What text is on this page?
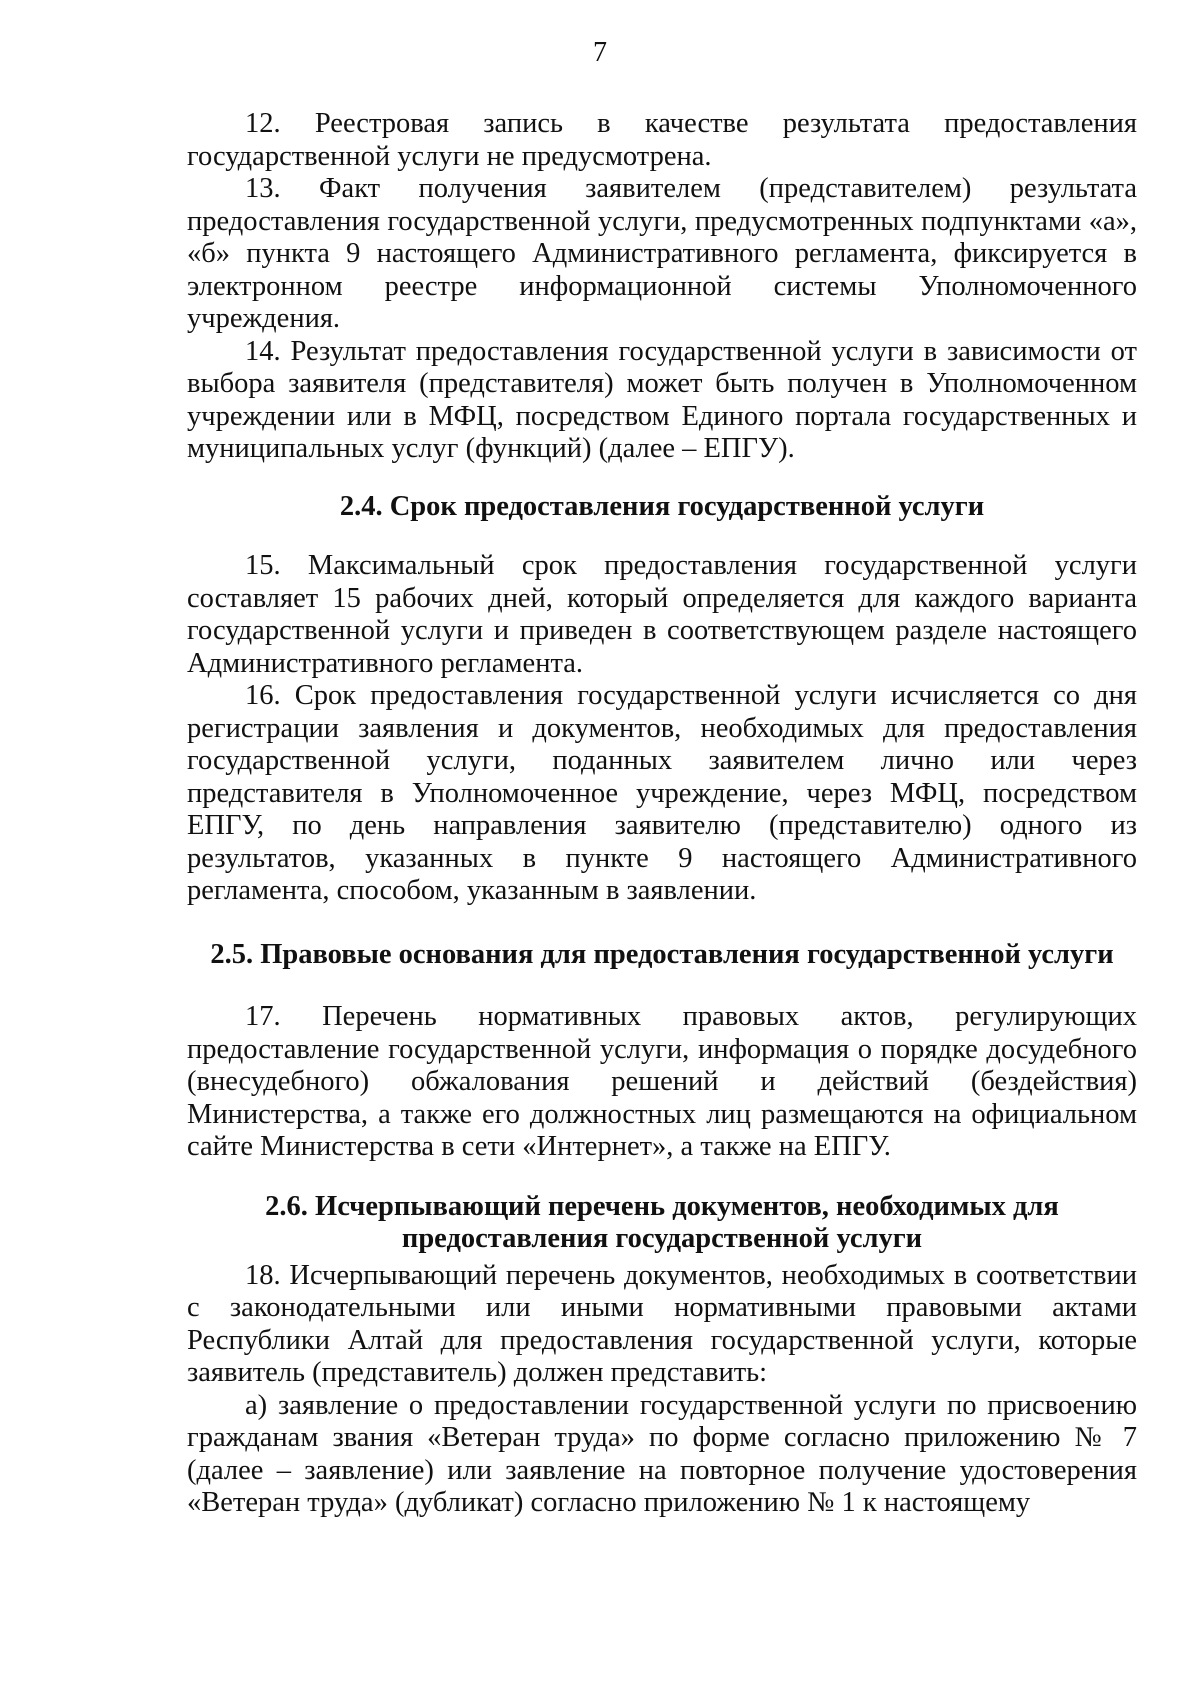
7

12. Реестровая запись в качестве результата предоставления государственной услуги не предусмотрена.

13. Факт получения заявителем (представителем) результата предоставления государственной услуги, предусмотренных подпунктами «а», «б» пункта 9 настоящего Административного регламента, фиксируется в электронном реестре информационной системы Уполномоченного учреждения.

14. Результат предоставления государственной услуги в зависимости от выбора заявителя (представителя) может быть получен в Уполномоченном учреждении или в МФЦ, посредством Единого портала государственных и муниципальных услуг (функций) (далее – ЕПГУ).

2.4. Срок предоставления государственной услуги

15. Максимальный срок предоставления государственной услуги составляет 15 рабочих дней, который определяется для каждого варианта государственной услуги и приведен в соответствующем разделе настоящего Административного регламента.

16. Срок предоставления государственной услуги исчисляется со дня регистрации заявления и документов, необходимых для предоставления государственной услуги, поданных заявителем лично или через представителя в Уполномоченное учреждение, через МФЦ, посредством ЕПГУ, по день направления заявителю (представителю) одного из результатов, указанных в пункте 9 настоящего Административного регламента, способом, указанным в заявлении.

2.5. Правовые основания для предоставления государственной услуги

17. Перечень нормативных правовых актов, регулирующих предоставление государственной услуги, информация о порядке досудебного (внесудебного) обжалования решений и действий (бездействия) Министерства, а также его должностных лиц размещаются на официальном сайте Министерства в сети «Интернет», а также на ЕПГУ.

2.6. Исчерпывающий перечень документов, необходимых для
предоставления государственной услуги

18. Исчерпывающий перечень документов, необходимых в соответствии с законодательными или иными нормативными правовыми актами Республики Алтай для предоставления государственной услуги, которые заявитель (представитель) должен представить:

а) заявление о предоставлении государственной услуги по присвоению гражданам звания «Ветеран труда» по форме согласно приложению № 7 (далее – заявление) или заявление на повторное получение удостоверения «Ветеран труда» (дубликат) согласно приложению № 1 к настоящему
